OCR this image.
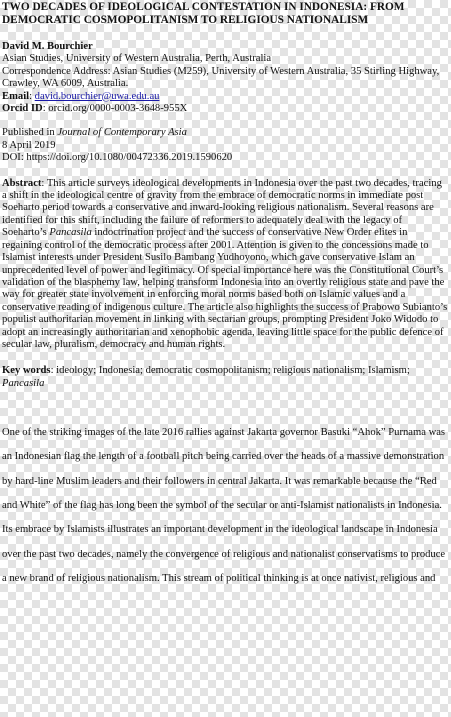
TWO DECADES OF IDEOLOGICAL CONTESTATION IN INDONESIA: FROM DEMOCRATIC COSMOPOLITANISM TO RELIGIOUS NATIONALISM
David M. Bourchier
Asian Studies, University of Western Australia, Perth, Australia
Correspondence Address: Asian Studies (M259), University of Western Australia, 35 Stirling Highway, Crawley, WA 6009, Australia.
Email: david.bourchier@uwa.edu.au
Orcid ID: orcid.org/0000-0003-3648-955X
Published in Journal of Contemporary Asia
8 April 2019
DOI: https://doi.org/10.1080/00472336.2019.1590620
Abstract: This article surveys ideological developments in Indonesia over the past two decades, tracing a shift in the ideological centre of gravity from the embrace of democratic norms in immediate post Soeharto period towards a conservative and inward-looking religious nationalism. Several reasons are identified for this shift, including the failure of reformers to adequately deal with the legacy of Soeharto’s Pancasila indoctrination project and the success of conservative New Order elites in regaining control of the democratic process after 2001. Attention is given to the concessions made to Islamist interests under President Susilo Bambang Yudhoyono, which gave conservative Islam an unprecedented level of power and legitimacy. Of special importance here was the Constitutional Court’s validation of the blasphemy law, helping transform Indonesia into an overtly religious state and pave the way for greater state involvement in enforcing moral norms based both on Islamic values and a conservative reading of indigenous culture. The article also highlights the success of Prabowo Subianto’s populist authoritarian movement in linking with sectarian groups, prompting President Joko Widodo to adopt an increasingly authoritarian and xenophobic agenda, leaving little space for the public defence of secular law, pluralism, democracy and human rights.
Key words: ideology; Indonesia; democratic cosmopolitanism; religious nationalism; Islamism; Pancasila
One of the striking images of the late 2016 rallies against Jakarta governor Basuki “Ahok” Purnama was an Indonesian flag the length of a football pitch being carried over the heads of a massive demonstration by hard-line Muslim leaders and their followers in central Jakarta. It was remarkable because the “Red and White” of the flag has long been the symbol of the secular or anti-Islamist nationalists in Indonesia. Its embrace by Islamists illustrates an important development in the ideological landscape in Indonesia over the past two decades, namely the convergence of religious and nationalist conservatisms to produce a new brand of religious nationalism. This stream of political thinking is at once nativist, religious and
